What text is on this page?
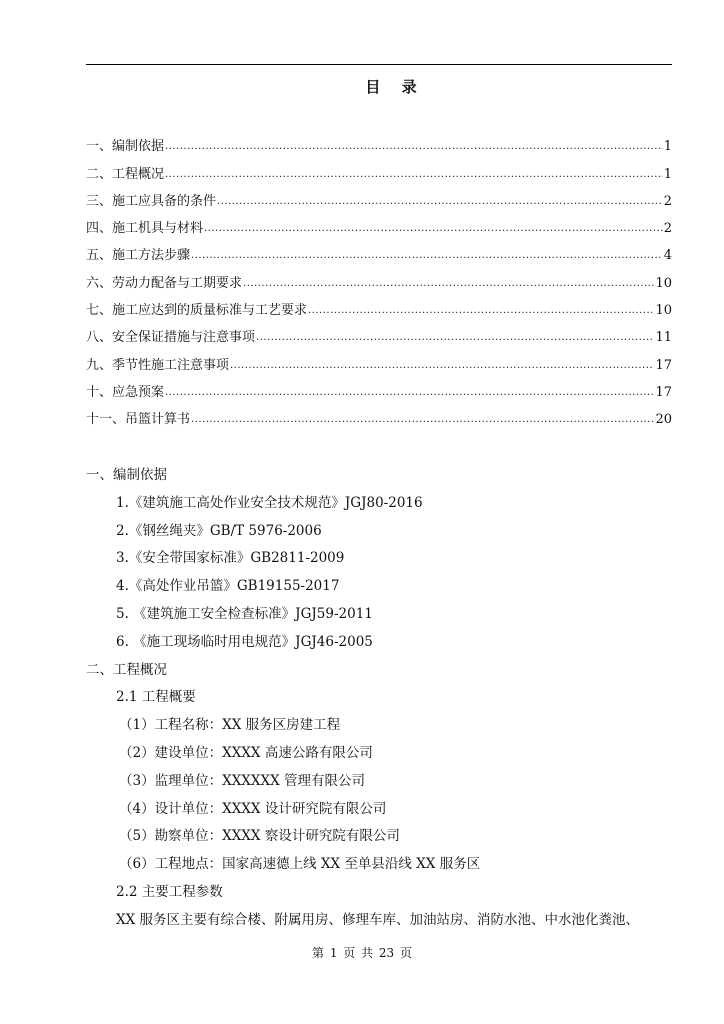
目 录
一、编制依据 .....	1
二、工程概况 .....	1
三、施工应具备的条件 .....	2
四、施工机具与材料 .....	2
五、施工方法步骤 .....	4
六、劳动力配备与工期要求 .....	10
七、施工应达到的质量标准与工艺要求 .....	10
八、安全保证措施与注意事项 .....	11
九、季节性施工注意事项 .....	17
十、应急预案 .....	17
十一、吊篮计算书 .....	20
一、编制依据
1.《建筑施工高处作业安全技术规范》JGJ80-2016
2.《钢丝绳夹》GB/T 5976-2006
3.《安全带国家标准》GB2811-2009
4.《高处作业吊篮》GB19155-2017
5. 《建筑施工安全检查标准》JGJ59-2011
6. 《施工现场临时用电规范》JGJ46-2005
二、工程概况
2.1 工程概要
（1）工程名称：XX 服务区房建工程
（2）建设单位：XXXX 高速公路有限公司
（3）监理单位：XXXXXX 管理有限公司
（4）设计单位：XXXX 设计研究院有限公司
（5）勘察单位：XXXX 察设计研究院有限公司
（6）工程地点：国家高速德上线 XX 至单县沿线 XX 服务区
2.2 主要工程参数
XX 服务区主要有综合楼、附属用房、修理车库、加油站房、消防水池、中水池化粪池、
第 1 页 共 23 页
